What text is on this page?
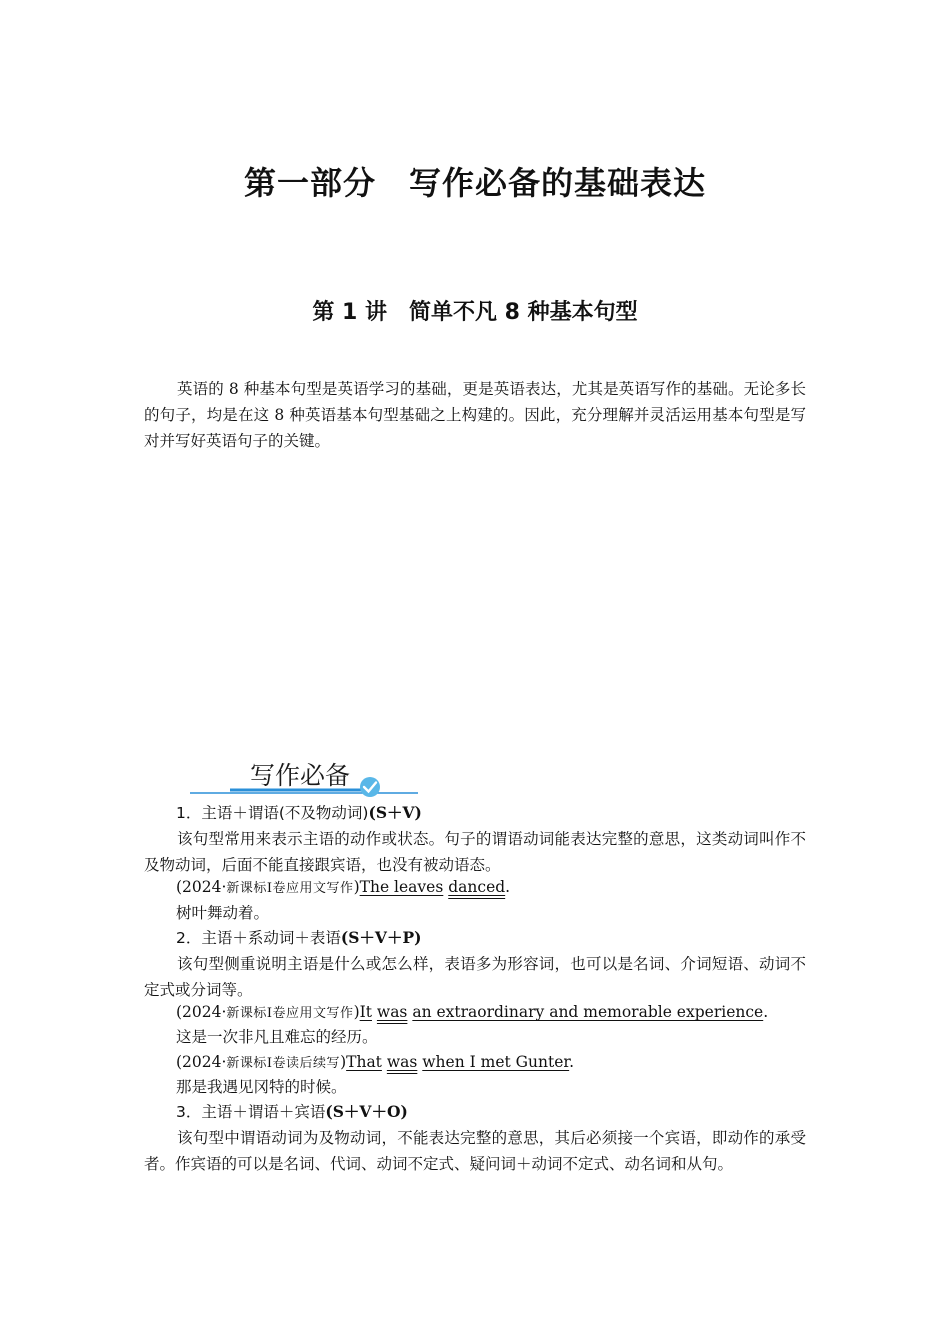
第一部分　写作必备的基础表达
第 1 讲　简单不凡 8 种基本句型
英语的 8 种基本句型是英语学习的基础，更是英语表达，尤其是英语写作的基础。无论多长的句子，均是在这 8 种英语基本句型基础之上构建的。因此，充分理解并灵活运用基本句型是写对并写好英语句子的关键。
写作必备
1．主语＋谓语(不及物动词)(S＋V)
该句型常用来表示主语的动作或状态。句子的谓语动词能表达完整的意思，这类动词叫作不及物动词，后面不能直接跟宾语，也没有被动语态。
(2024·新课标Ⅰ卷应用文写作)The leaves danced.
树叶舞动着。
2．主语＋系动词＋表语(S＋V＋P)
该句型侧重说明主语是什么或怎么样，表语多为形容词，也可以是名词、介词短语、动词不定式或分词等。
(2024·新课标Ⅰ卷应用文写作)It was an extraordinary and memorable experience.
这是一次非凡且难忘的经历。
(2024·新课标Ⅰ卷读后续写)That was when I met Gunter.
那是我遇见冈特的时候。
3．主语＋谓语＋宾语(S＋V＋O)
该句型中谓语动词为及物动词，不能表达完整的意思，其后必须接一个宾语，即动作的承受者。作宾语的可以是名词、代词、动词不定式、疑问词＋动词不定式、动名词和从句。
